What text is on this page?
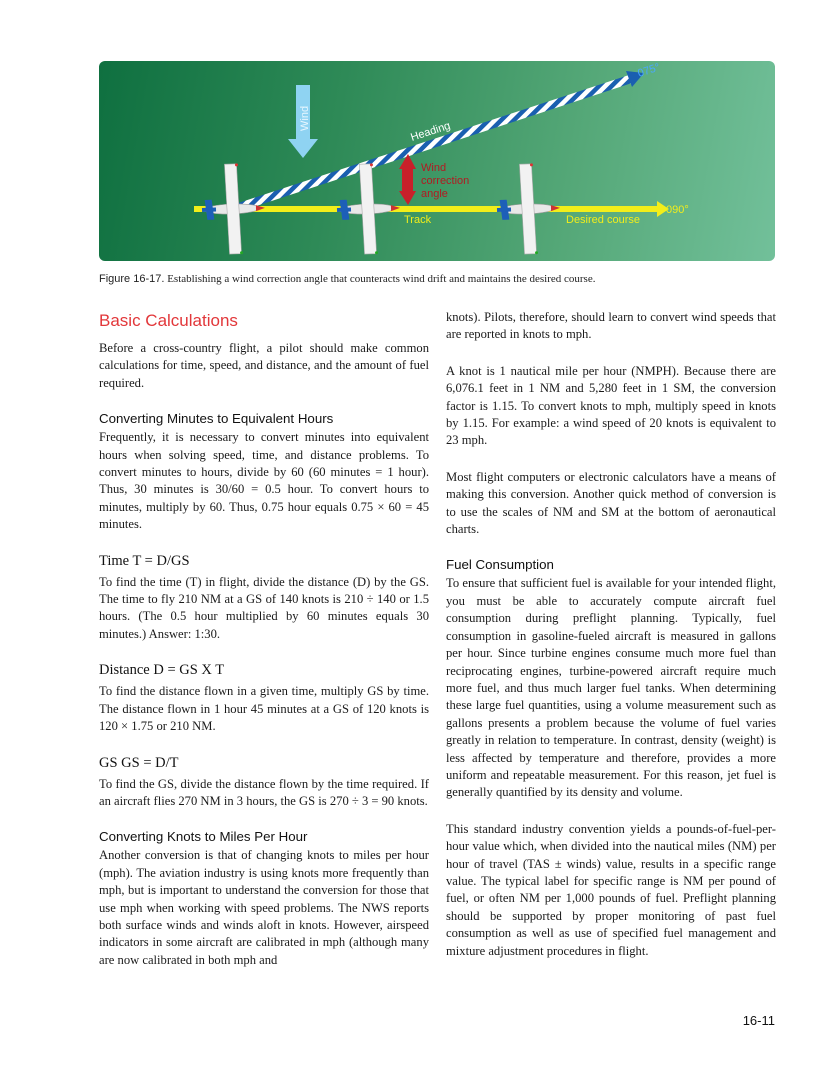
Wind
Wind
correction
angle
Heading
075°
Track	Desired course
090°
Figure 16-17. Establishing a wind correction angle that counteracts wind drift and maintains the desired course.
Basic Calculations

Before a cross-country flight, a pilot should make common calculations for time, speed, and distance, and the amount of fuel required.

Converting Minutes to Equivalent Hours

Frequently, it is necessary to convert minutes into equivalent hours when solving speed, time, and distance problems. To convert minutes to hours, divide by 60 (60 minutes = 1 hour). Thus, 30 minutes is 30/60 = 0.5 hour. To convert hours to minutes, multiply by 60. Thus, 0.75 hour equals 0.75 × 60 = 45 minutes.

Time T = D/GS

To find the time (T) in flight, divide the distance (D) by the GS. The time to fly 210 NM at a GS of 140 knots is 210 ÷ 140 or 1.5 hours. (The 0.5 hour multiplied by 60 minutes equals 30 minutes.) Answer: 1:30.

Distance D = GS X T

To find the distance flown in a given time, multiply GS by time. The distance flown in 1 hour 45 minutes at a GS of 120 knots is 120 × 1.75 or 210 NM.

GS GS = D/T

To find the GS, divide the distance flown by the time required. If an aircraft flies 270 NM in 3 hours, the GS is 270 ÷ 3 = 90 knots.

Converting Knots to Miles Per Hour

Another conversion is that of changing knots to miles per hour (mph). The aviation industry is using knots more frequently than mph, but is important to understand the conversion for those that use mph when working with speed problems. The NWS reports both surface winds and winds aloft in knots. However, airspeed indicators in some aircraft are calibrated in mph (although many are now calibrated in both mph and

knots). Pilots, therefore, should learn to convert wind speeds that are reported in knots to mph.

A knot is 1 nautical mile per hour (NMPH). Because there are 6,076.1 feet in 1 NM and 5,280 feet in 1 SM, the conversion factor is 1.15. To convert knots to mph, multiply speed in knots by 1.15. For example: a wind speed of 20 knots is equivalent to 23 mph.

Most flight computers or electronic calculators have a means of making this conversion. Another quick method of conversion is to use the scales of NM and SM at the bottom of aeronautical charts.

Fuel Consumption

To ensure that sufficient fuel is available for your intended flight, you must be able to accurately compute aircraft fuel consumption during preflight planning. Typically, fuel consumption in gasoline-fueled aircraft is measured in gallons per hour. Since turbine engines consume much more fuel than reciprocating engines, turbine-powered aircraft require much more fuel, and thus much larger fuel tanks. When determining these large fuel quantities, using a volume measurement such as gallons presents a problem because the volume of fuel varies greatly in relation to temperature. In contrast, density (weight) is less affected by temperature and therefore, provides a more uniform and repeatable measurement. For this reason, jet fuel is generally quantified by its density and volume.

This standard industry convention yields a pounds-of-fuel-per-hour value which, when divided into the nautical miles (NM) per hour of travel (TAS ± winds) value, results in a specific range value. The typical label for specific range is NM per pound of fuel, or often NM per 1,000 pounds of fuel. Preflight planning should be supported by proper monitoring of past fuel consumption as well as use of specified fuel management and mixture adjustment procedures in flight.

16-11
